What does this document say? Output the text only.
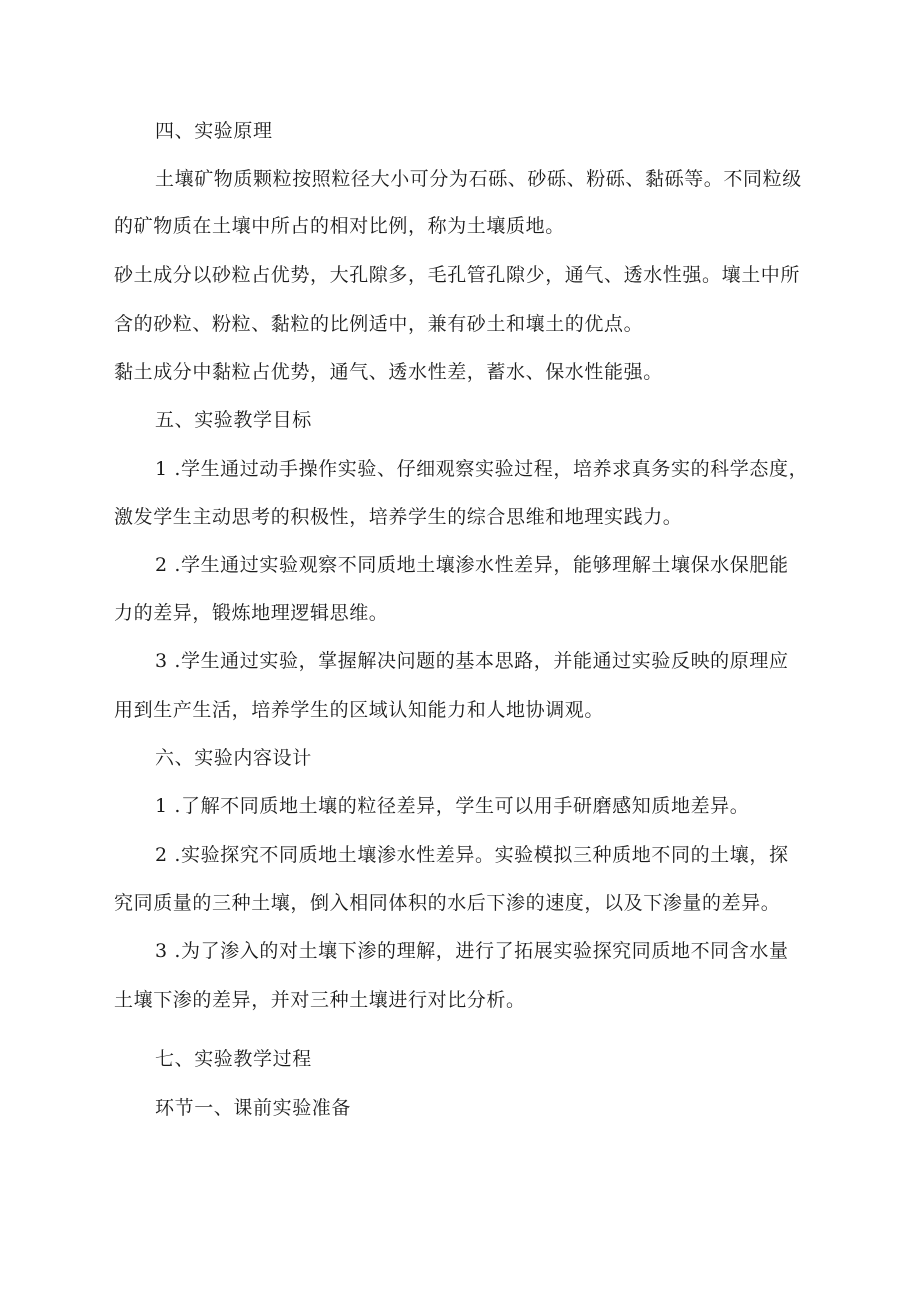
四、实验原理
土壤矿物质颗粒按照粒径大小可分为石砾、砂砾、粉砾、黏砾等。不同粒级
的矿物质在土壤中所占的相对比例，称为土壤质地。
砂土成分以砂粒占优势，大孔隙多，毛孔管孔隙少，通气、透水性强。壤土中所
含的砂粒、粉粒、黏粒的比例适中，兼有砂土和壤土的优点。
黏土成分中黏粒占优势，通气、透水性差，蓄水、保水性能强。
五、实验教学目标
1 .学生通过动手操作实验、仔细观察实验过程，培养求真务实的科学态度，
激发学生主动思考的积极性，培养学生的综合思维和地理实践力。
2 .学生通过实验观察不同质地土壤渗水性差异，能够理解土壤保水保肥能
力的差异，锻炼地理逻辑思维。
3 .学生通过实验，掌握解决问题的基本思路，并能通过实验反映的原理应
用到生产生活，培养学生的区域认知能力和人地协调观。
六、实验内容设计
1 .了解不同质地土壤的粒径差异，学生可以用手研磨感知质地差异。
2 .实验探究不同质地土壤渗水性差异。实验模拟三种质地不同的土壤，探
究同质量的三种土壤，倒入相同体积的水后下渗的速度，以及下渗量的差异。
3 .为了渗入的对土壤下渗的理解，进行了拓展实验探究同质地不同含水量
土壤下渗的差异，并对三种土壤进行对比分析。
七、实验教学过程
环节一、课前实验准备
